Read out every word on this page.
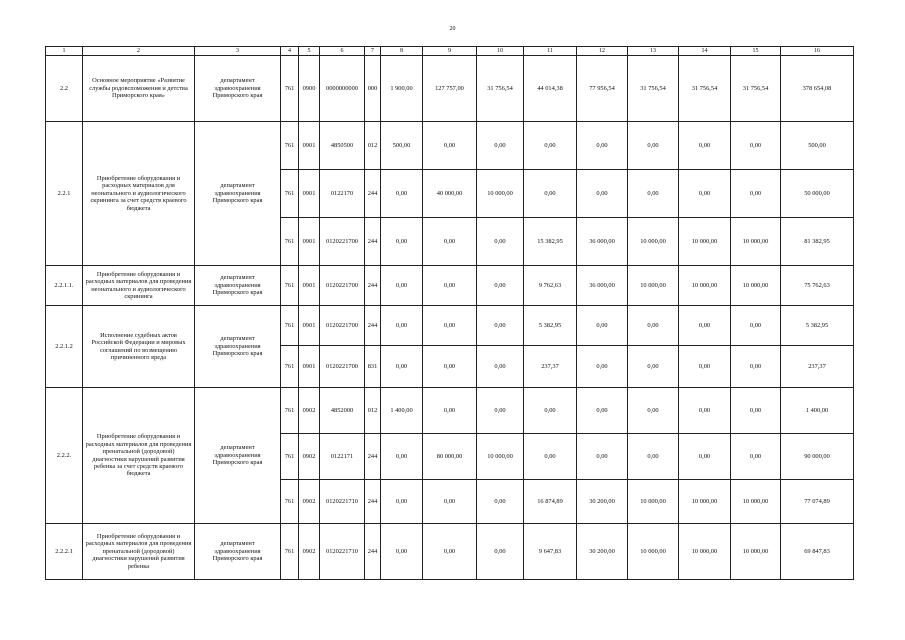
20
1	2	3	4	5	6	7	8	9	10	11	12	13	14	15	16
2.2	Основное мероприятие «Развитие службы родовспоможения и детства Приморского края»	департамент здравоохранения Приморского края	761	0900	0000000000	000	1 900,00	127 757,00	31 756,54	44 014,38	77 956,54	31 756,54	31 756,54	31 756,54	378 654,08
2.2.1	Приобретение оборудования и расходных материалов для неонатального и аудиологического скрининга за счет средств краевого бюджета	департамент здравоохранения Приморского края	761	0901	4850500	012	500,00	0,00	0,00	0,00	0,00	0,00	0,00	0,00	500,00
			761	0901	0122170	244	0,00	40 000,00	10 000,00	0,00	0,00	0,00	0,00	0,00	50 000,00
			761	0901	0120221700	244	0,00	0,00	0,00	15 382,95	36 000,00	10 000,00	10 000,00	10 000,00	81 382,95
2.2.1.1.	Приобретение оборудования и расходных материалов для проведения неонатального и аудиологического скрининга	департамент здравоохранения Приморского края	761	0901	0120221700	244	0,00	0,00	0,00	9 762,63	36 000,00	10 000,00	10 000,00	10 000,00	75 762,63
2.2.1.2	Исполнение судебных актов Российской Федерации и мировых соглашений по возмещению причиненного вреда	департамент здравоохранения Приморского края	761	0901	0120221700	244	0,00	0,00	0,00	5 382,95	0,00	0,00	0,00	0,00	5 382,95
			761	0901	0120221700	831	0,00	0,00	0,00	237,37	0,00	0,00	0,00	0,00	237,37
2.2.2.	Приобретение оборудования и расходных материалов для проведения пренатальной (дородовой) диагностики нарушений развития ребенка за счет средств краевого бюджета	департамент здравоохранения Приморского края	761	0902	4852000	012	1 400,00	0,00	0,00	0,00	0,00	0,00	0,00	0,00	1 400,00
			761	0902	0122171	244	0,00	80 000,00	10 000,00	0,00	0,00	0,00	0,00	0,00	90 000,00
			761	0902	0120221710	244	0,00	0,00	0,00	16 874,89	30 200,00	10 000,00	10 000,00	10 000,00	77 074,89
2.2.2.1	Приобретение оборудования и расходных материалов для проведения пренатальной (дородовой) диагностики нарушений развития ребенка	департамент здравоохранения Приморского края	761	0902	0120221710	244	0,00	0,00	0,00	9 647,83	30 200,00	10 000,00	10 000,00	10 000,00	69 847,83
